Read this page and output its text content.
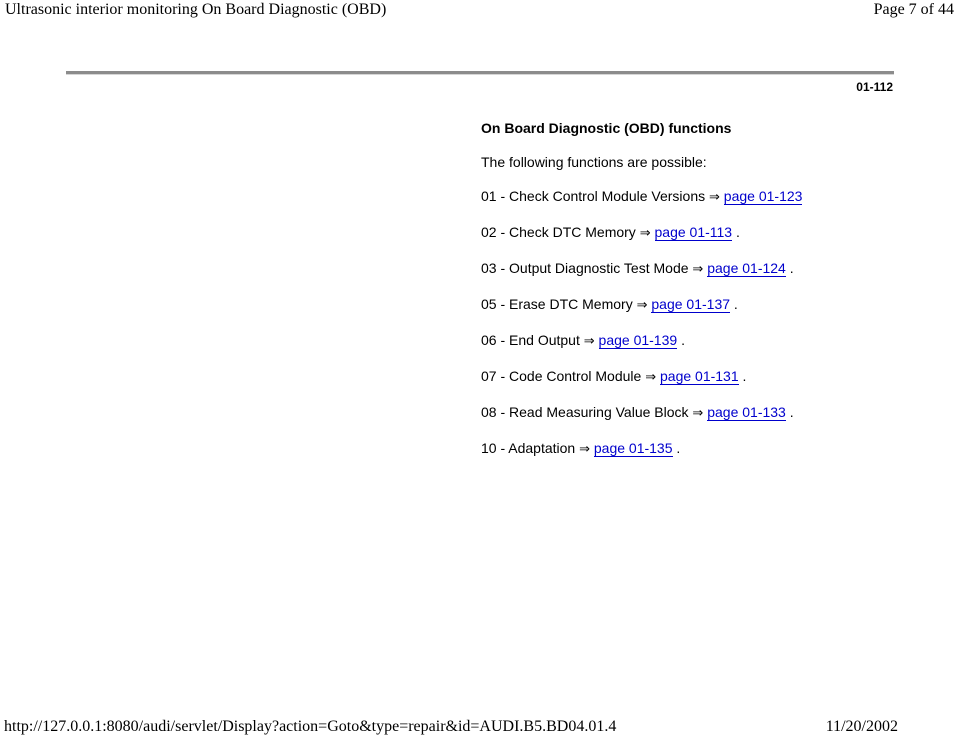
Ultrasonic interior monitoring On Board Diagnostic (OBD)	Page 7 of 44
01-112
On Board Diagnostic (OBD) functions
The following functions are possible:
01 - Check Control Module Versions ⇒ page 01-123
02 - Check DTC Memory ⇒ page 01-113 .
03 - Output Diagnostic Test Mode ⇒ page 01-124 .
05 - Erase DTC Memory ⇒ page 01-137 .
06 - End Output ⇒ page 01-139 .
07 - Code Control Module ⇒ page 01-131 .
08 - Read Measuring Value Block ⇒ page 01-133 .
10 - Adaptation ⇒ page 01-135 .
http://127.0.0.1:8080/audi/servlet/Display?action=Goto&type=repair&id=AUDI.B5.BD04.01.4	11/20/2002
